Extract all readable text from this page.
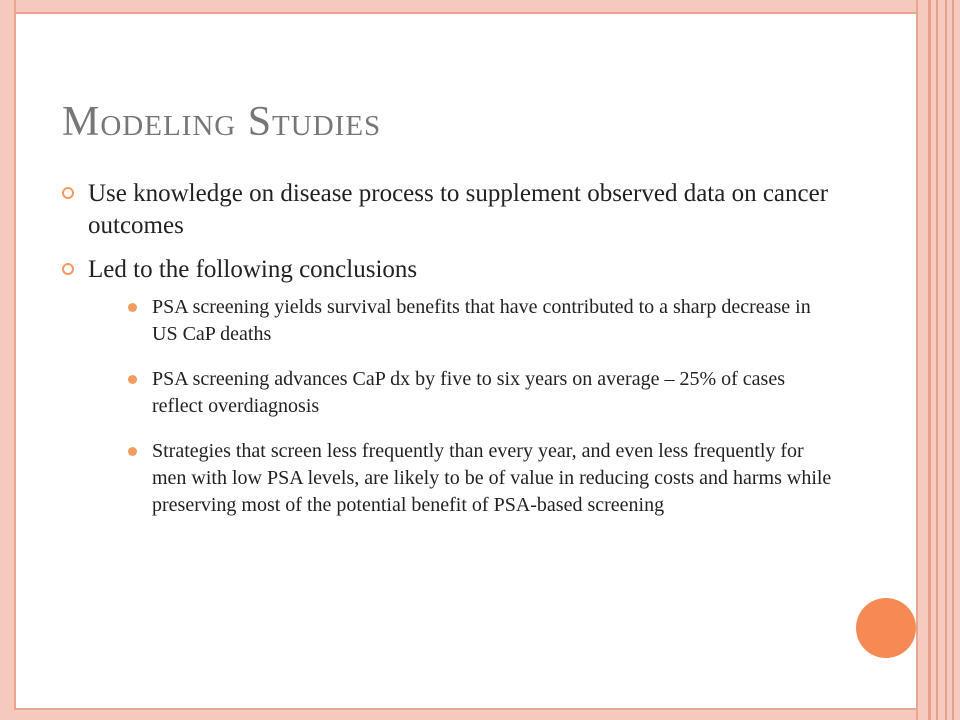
Modeling Studies
Use knowledge on disease process to supplement observed data on cancer outcomes
Led to the following conclusions
PSA screening yields survival benefits that have contributed to a sharp decrease in US CaP deaths
PSA screening advances CaP dx by five to six years on average – 25% of cases reflect overdiagnosis
Strategies that screen less frequently than every year, and even less frequently for men with low PSA levels, are likely to be of value in reducing costs and harms while preserving most of the potential benefit of PSA-based screening
